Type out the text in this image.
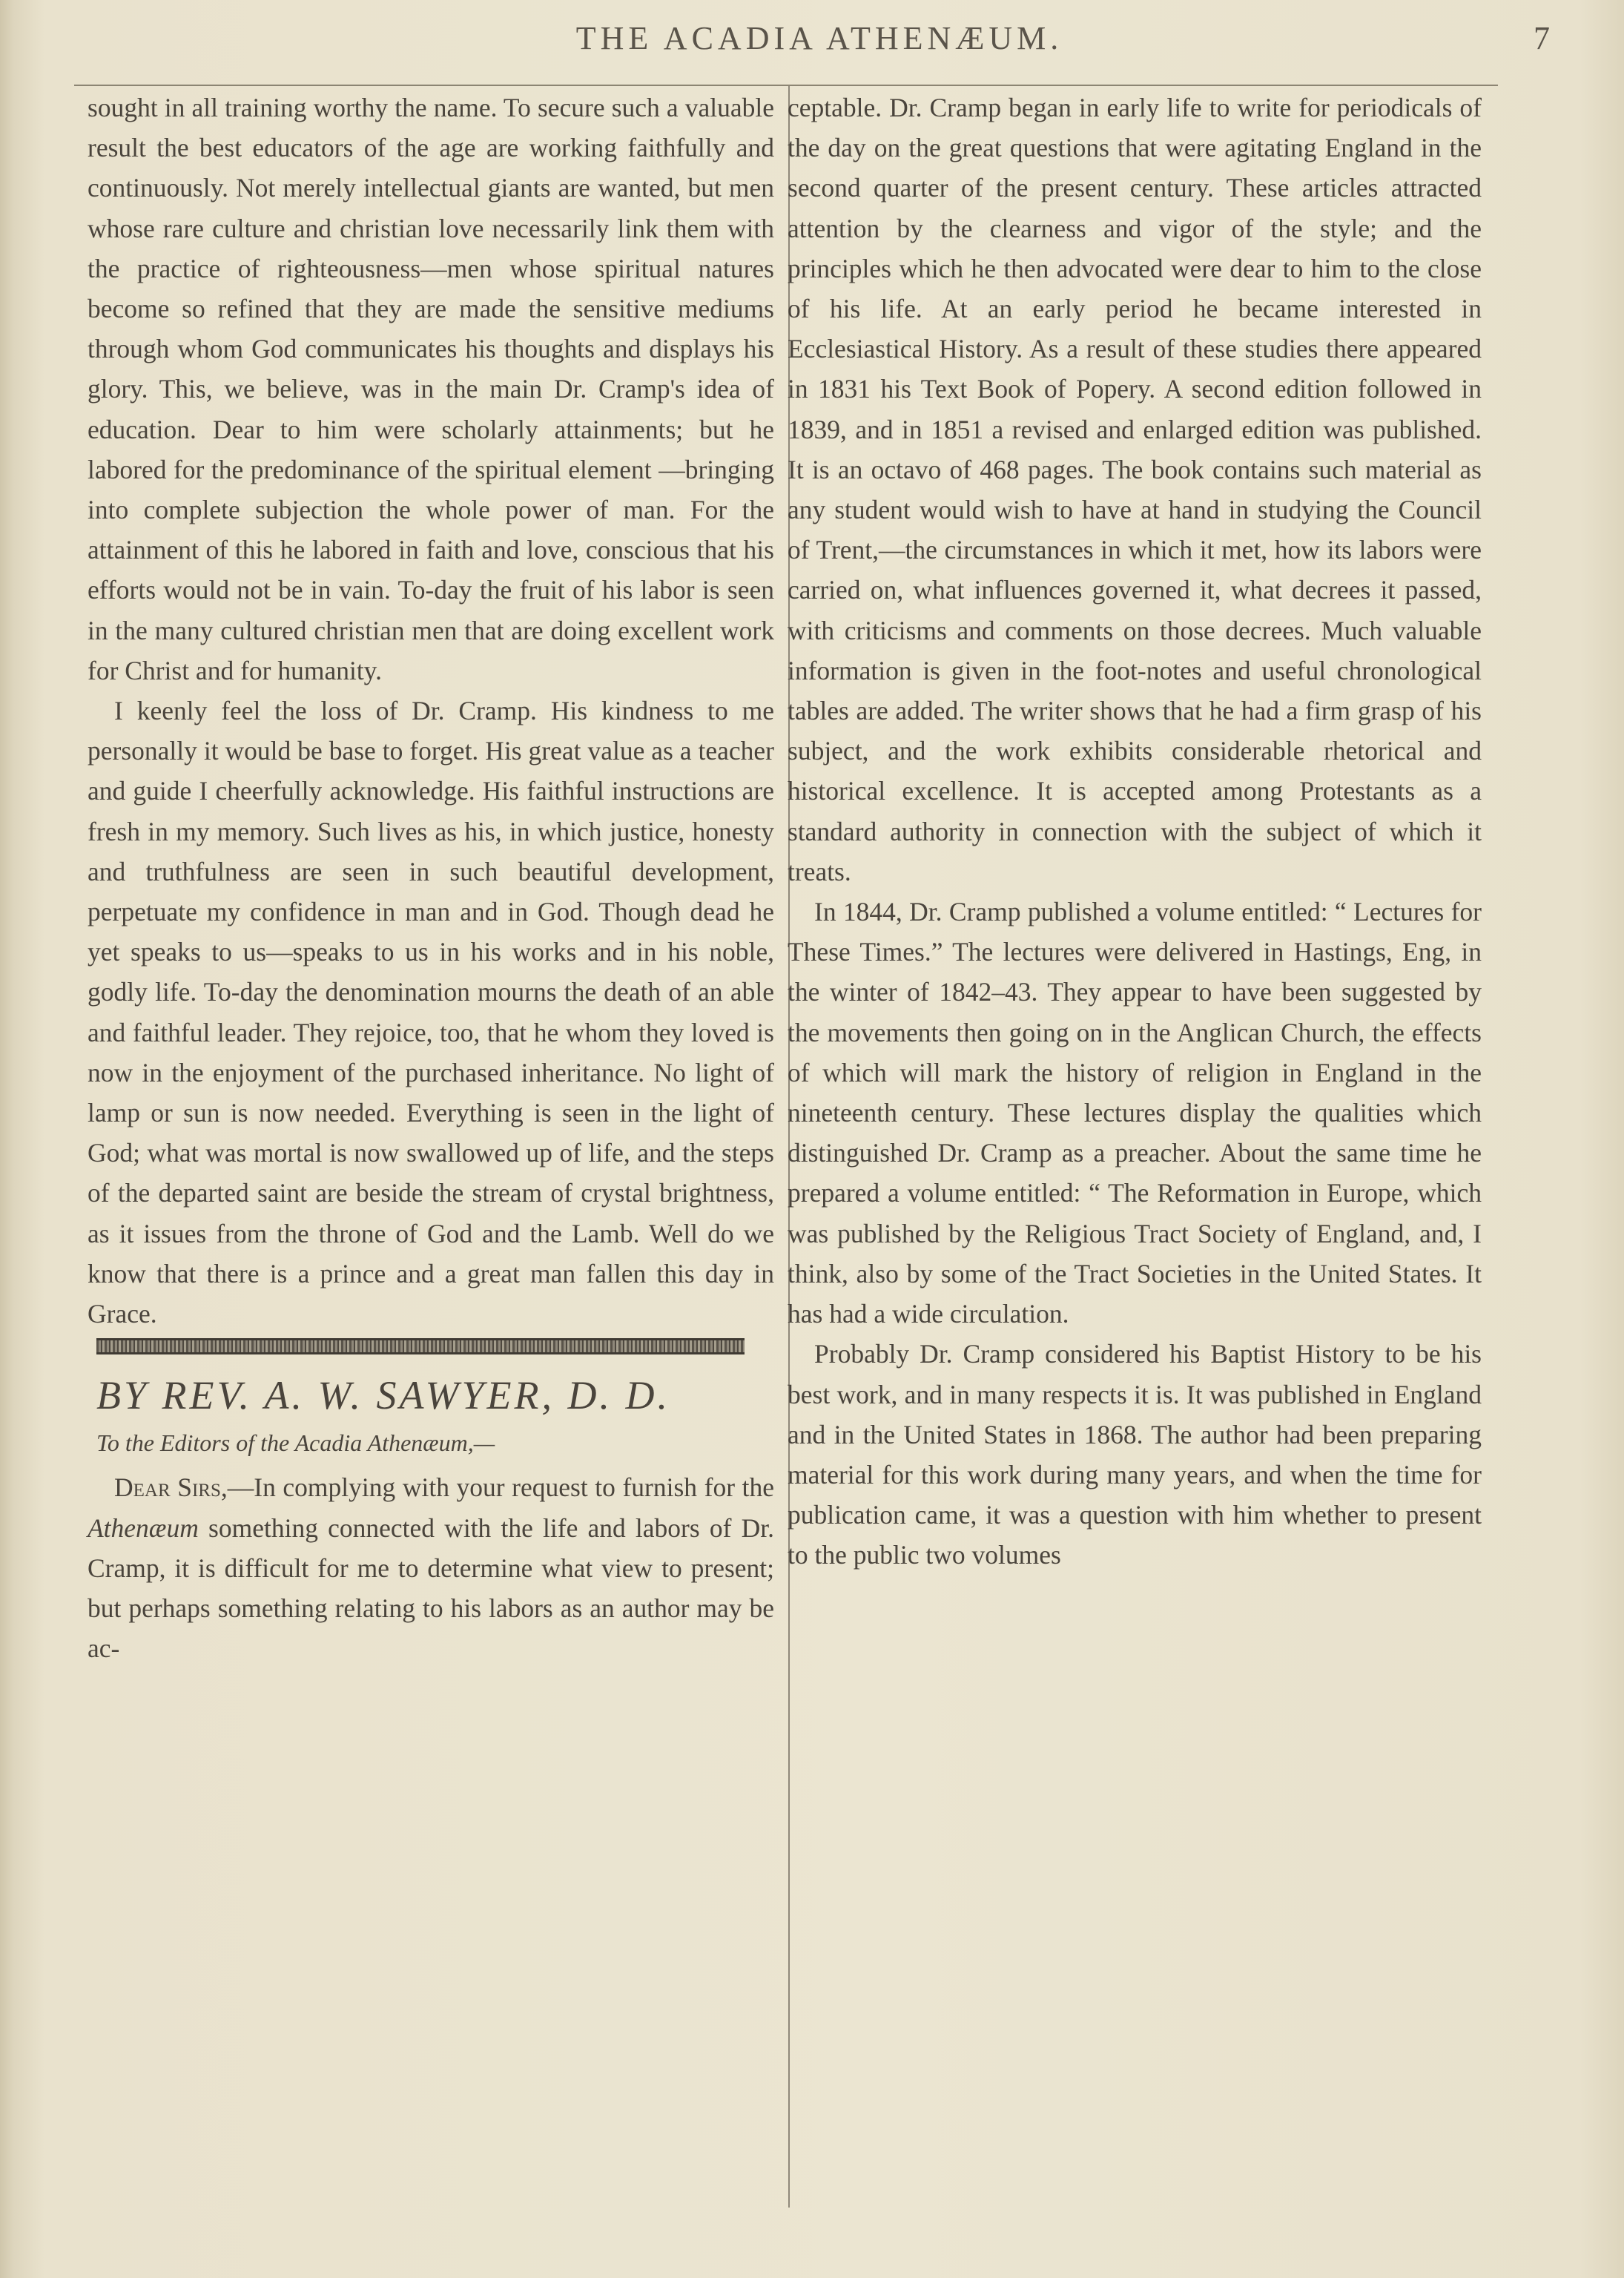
THE ACADIA ATHENÆUM.	7

sought in all training worthy the name. To secure such a valuable result the best educators of the age are working faithfully and continuously. Not merely intellectual giants are wanted, but men whose rare culture and christian love necessarily link them with the practice of righteousness—men whose spiritual natures become so refined that they are made the sensitive mediums through whom God communicates his thoughts and displays his glory. This, we believe, was in the main Dr. Cramp's idea of education. Dear to him were scholarly attainments; but he labored for the predominance of the spiritual element —bringing into complete subjection the whole power of man. For the attainment of this he labored in faith and love, conscious that his efforts would not be in vain. To-day the fruit of his labor is seen in the many cultured christian men that are doing excellent work for Christ and for humanity.

I keenly feel the loss of Dr. Cramp. His kindness to me personally it would be base to forget. His great value as a teacher and guide I cheerfully acknowledge. His faithful instructions are fresh in my memory. Such lives as his, in which justice, honesty and truthfulness are seen in such beautiful development, perpetuate my confidence in man and in God. Though dead he yet speaks to us—speaks to us in his works and in his noble, godly life. To-day the denomination mourns the death of an able and faithful leader. They rejoice, too, that he whom they loved is now in the enjoyment of the purchased inheritance. No light of lamp or sun is now needed. Everything is seen in the light of God; what was mortal is now swallowed up of life, and the steps of the departed saint are beside the stream of crystal brightness, as it issues from the throne of God and the Lamb. Well do we know that there is a prince and a great man fallen this day in Grace.

BY REV. A. W. SAWYER, D. D.
To the Editors of the Acadia Athenæum,—

Dear Sirs,—In complying with your request to furnish for the Athenæum something connected with the life and labors of Dr. Cramp, it is difficult for me to determine what view to present; but perhaps something relating to his labors as an author may be ac-

ceptable. Dr. Cramp began in early life to write for periodicals of the day on the great questions that were agitating England in the second quarter of the present century. These articles attracted attention by the clearness and vigor of the style; and the principles which he then advocated were dear to him to the close of his life. At an early period he became interested in Ecclesiastical History. As a result of these studies there appeared in 1831 his Text Book of Popery. A second edition followed in 1839, and in 1851 a revised and enlarged edition was published. It is an octavo of 468 pages. The book contains such material as any student would wish to have at hand in studying the Council of Trent,—the circumstances in which it met, how its labors were carried on, what influences governed it, what decrees it passed, with criticisms and comments on those decrees. Much valuable information is given in the foot-notes and useful chronological tables are added. The writer shows that he had a firm grasp of his subject, and the work exhibits considerable rhetorical and historical excellence. It is accepted among Protestants as a standard authority in connection with the subject of which it treats.

In 1844, Dr. Cramp published a volume entitled: “ Lectures for These Times.” The lectures were delivered in Hastings, Eng, in the winter of 1842–43. They appear to have been suggested by the movements then going on in the Anglican Church, the effects of which will mark the history of religion in England in the nineteenth century. These lectures display the qualities which distinguished Dr. Cramp as a preacher. About the same time he prepared a volume entitled: “ The Reformation in Europe, which was published by the Religious Tract Society of England, and, I think, also by some of the Tract Societies in the United States. It has had a wide circulation.

Probably Dr. Cramp considered his Baptist History to be his best work, and in many respects it is. It was published in England and in the United States in 1868. The author had been preparing material for this work during many years, and when the time for publication came, it was a question with him whether to present to the public two volumes
